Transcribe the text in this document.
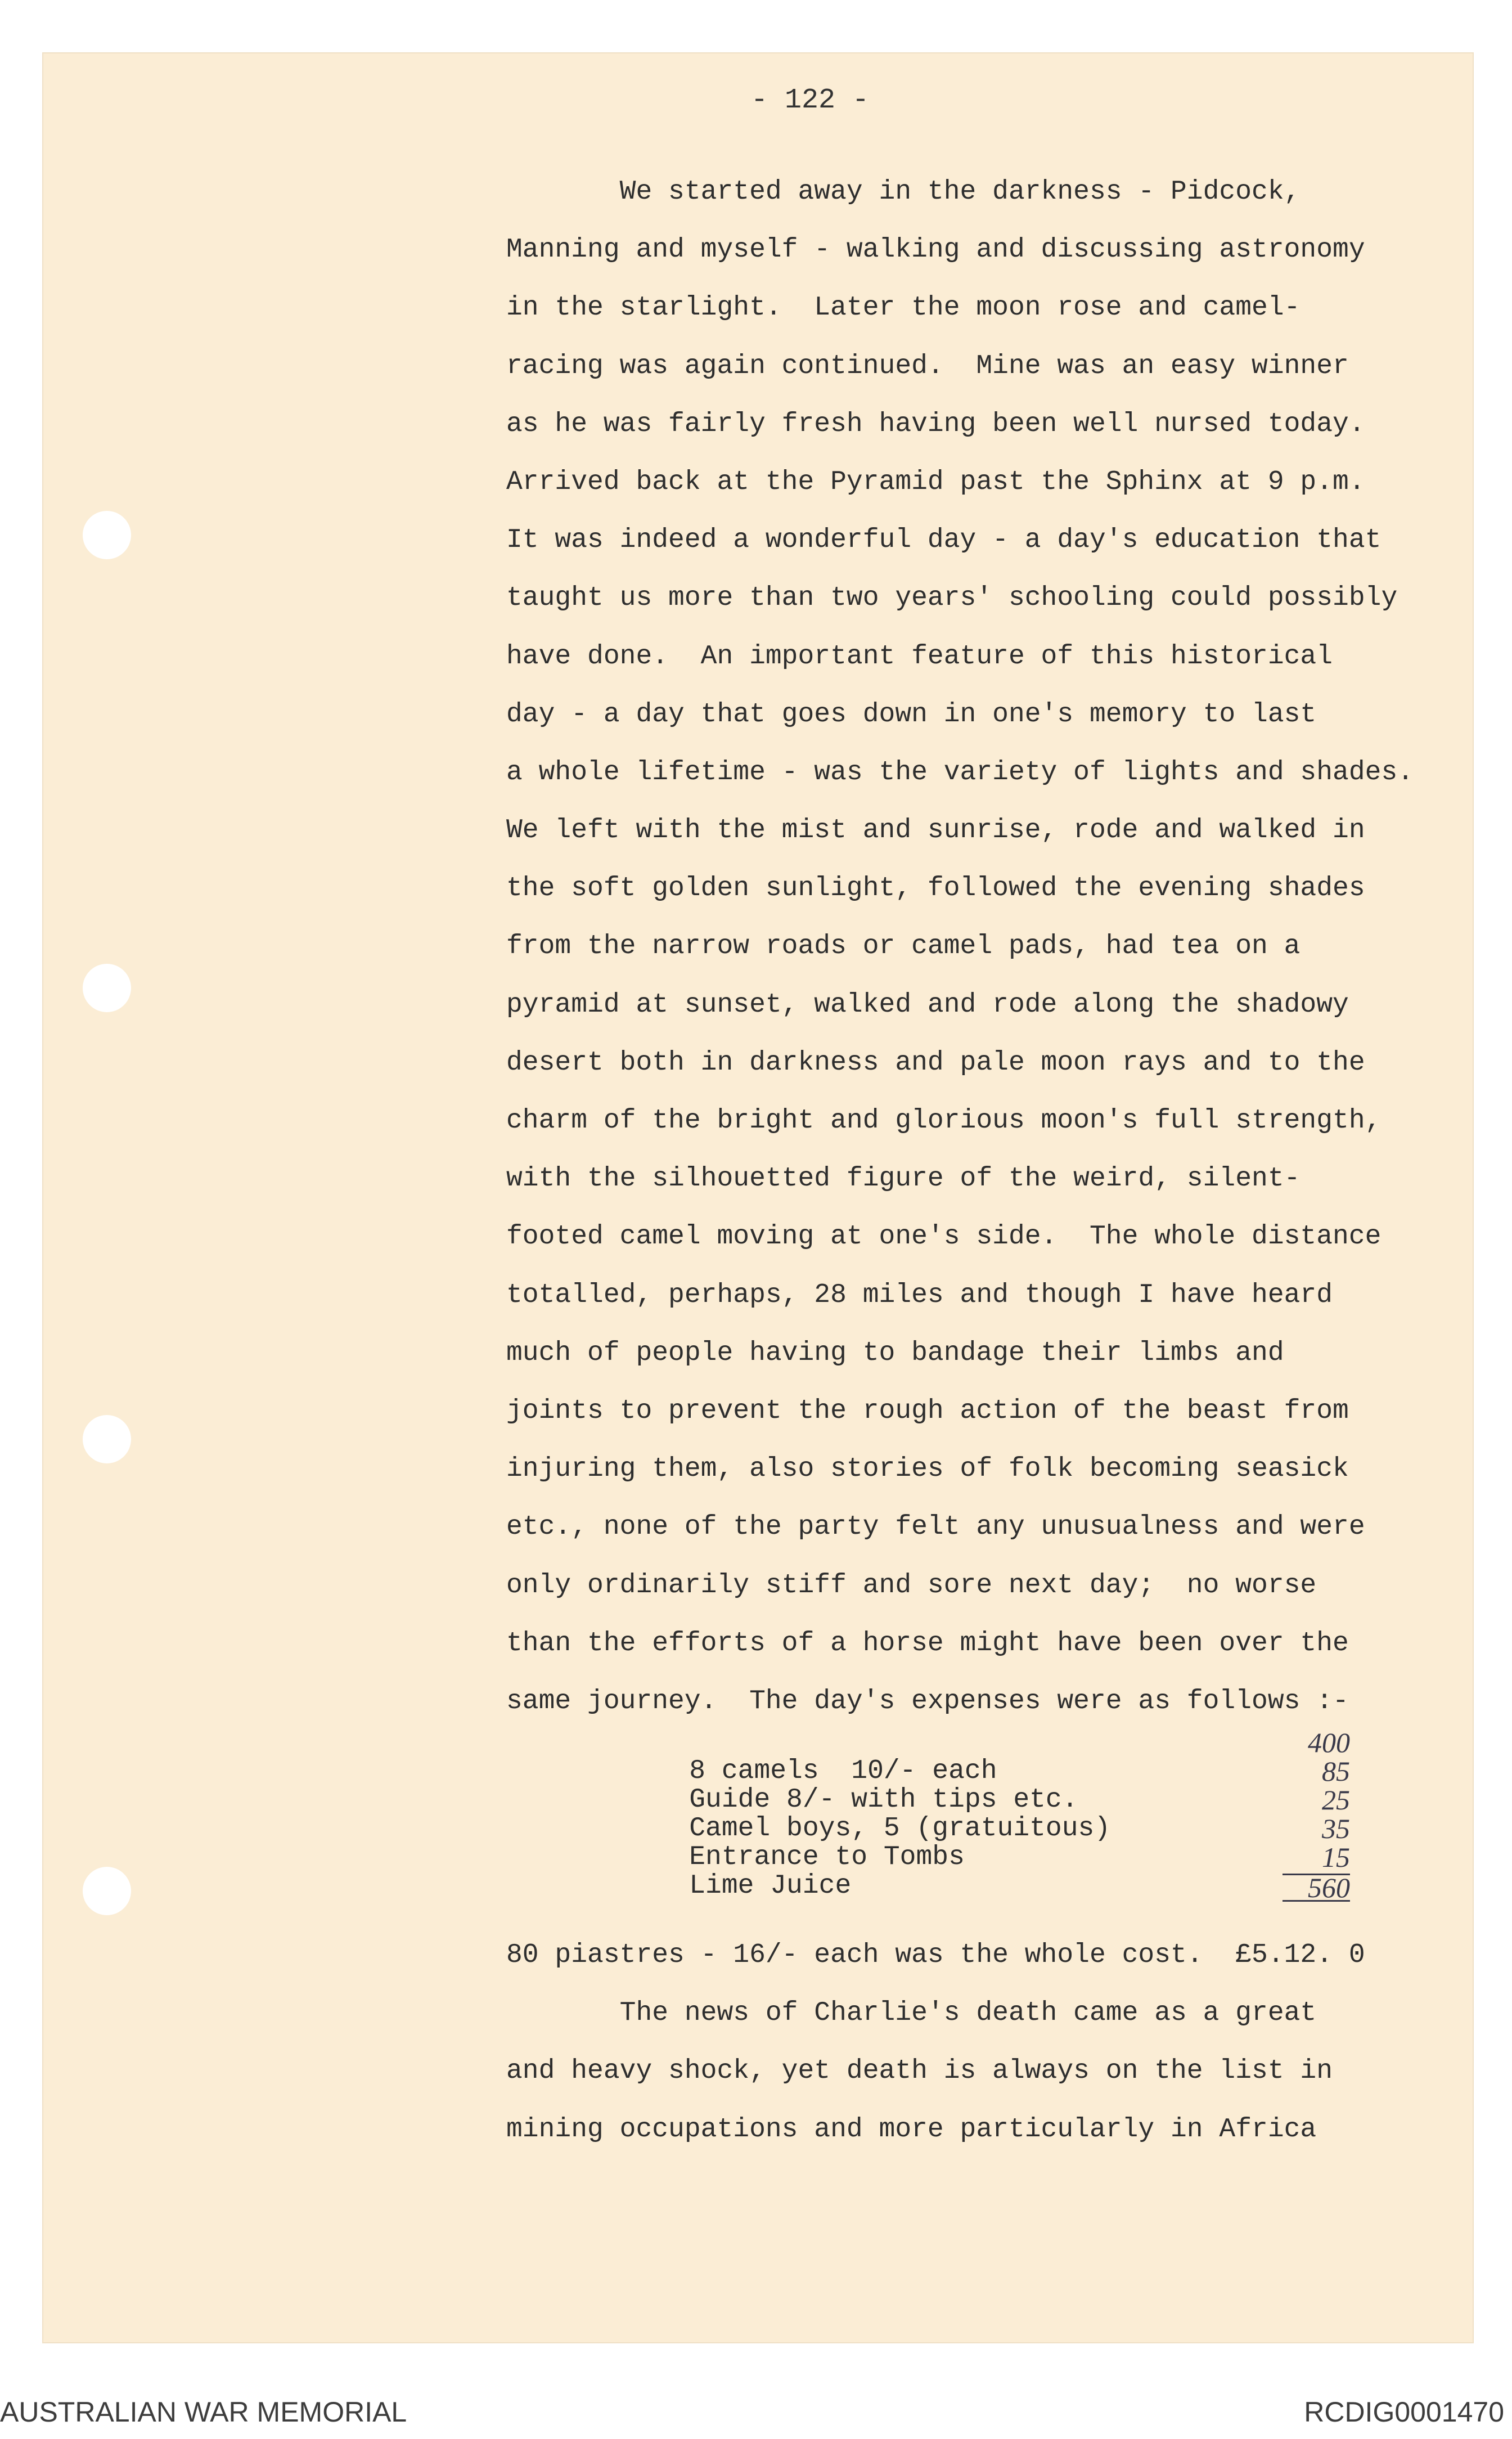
- 122 -
We started away in the darkness - Pidcock,
Manning and myself - walking and discussing astronomy
in the starlight.  Later the moon rose and camel-
racing was again continued.  Mine was an easy winner
as he was fairly fresh having been well nursed today.
Arrived back at the Pyramid past the Sphinx at 9 p.m.
It was indeed a wonderful day - a day's education that
taught us more than two years' schooling could possibly
have done.  An important feature of this historical
day - a day that goes down in one's memory to last
a whole lifetime - was the variety of lights and shades.
We left with the mist and sunrise, rode and walked in
the soft golden sunlight, followed the evening shades
from the narrow roads or camel pads, had tea on a
pyramid at sunset, walked and rode along the shadowy
desert both in darkness and pale moon rays and to the
charm of the bright and glorious moon's full strength,
with the silhouetted figure of the weird, silent-
footed camel moving at one's side.  The whole distance
totalled, perhaps, 28 miles and though I have heard
much of people having to bandage their limbs and
joints to prevent the rough action of the beast from
injuring them, also stories of folk becoming seasick
etc., none of the party felt any unusualness and were
only ordinarily stiff and sore next day;  no worse
than the efforts of a horse might have been over the
same journey.  The day's expenses were as follows :-

8 camels  10/- each

400

Guide 8/- with tips etc.

85

Camel boys, 5 (gratuitous)

25

Entrance to Tombs

35

Lime Juice

15

560

80 piastres - 16/- each was the whole cost.  £5.12. 0
The news of Charlie's death came as a great
and heavy shock, yet death is always on the list in
mining occupations and more particularly in Africa
AUSTRALIAN WAR MEMORIAL	RCDIG0001470
